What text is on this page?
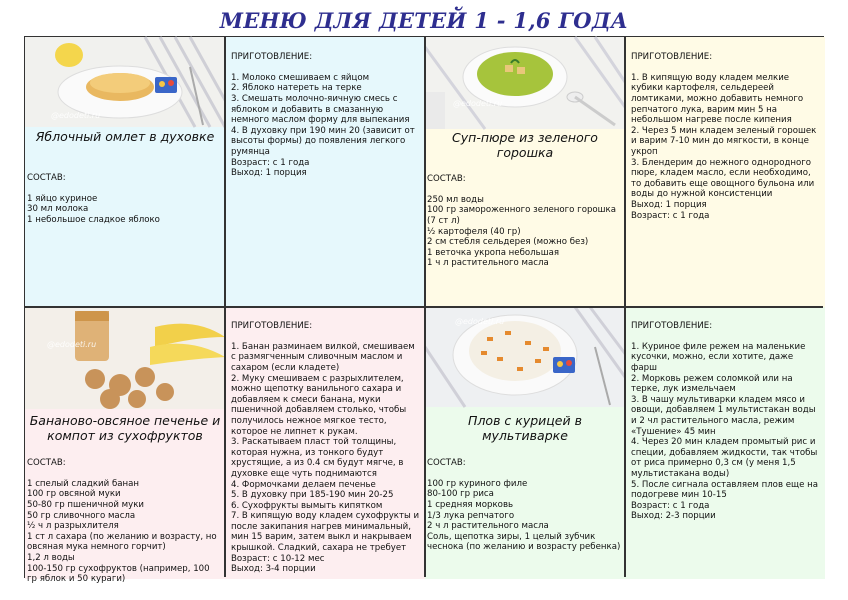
МЕНЮ ДЛЯ ДЕТЕЙ 1 - 1,6 ГОДА
@edodeti.ru
Яблочный омлет в духовке

СОСТАВ:

1 яйцо куриное
30 мл молока
1 небольшое сладкое яблоко

ПРИГОТОВЛЕНИЕ:

1. Молоко смешиваем с яйцом
2. Яблоко натереть на терке
3. Смешать молочно-яичную смесь с яблоком и добавить в смазанную немного маслом форму для выпекания
4. В духовку при 190 мин 20 (зависит от высоты формы) до появления легкого румянца
Возраст: с 1 года
Выход: 1 порция

@edodeti.ru
Суп-пюре из зеленого горошка

СОСТАВ:

250 мл воды
100 гр замороженного зеленого горошка (7 ст л)
½ картофеля (40 гр)
2 см стебля сельдерея (можно без)
1 веточка укропа небольшая
1 ч л растительного масла

ПРИГОТОВЛЕНИЕ:

1. В кипящую воду кладем мелкие кубики картофеля, сельдереей ломтиками, можно добавить немного репчатого лука, варим мин 5 на небольшом нагреве после кипения
2. Через 5 мин кладем зеленый горошек и варим 7-10 мин до мягкости, в конце укроп
3. Блендерим до нежного однородного пюре, кладем масло, если необходимо, то добавить еще овощного бульона или воды до нужной консистенции
Выход: 1 порция
Возраст: с 1 года

@edodeti.ru
Бананово-овсяное печенье и компот из сухофруктов

СОСТАВ:

1 спелый сладкий банан
100 гр овсяной муки
50-80 гр пшеничной муки
50 гр сливочного масла
½ ч л разрыхлителя
1 ст л сахара (по желанию и возрасту, но овсяная мука немного горчит)
1,2 л воды
100-150 гр сухофруктов (например, 100 гр яблок и 50 кураги)

ПРИГОТОВЛЕНИЕ:

1. Банан разминаем вилкой, смешиваем с размягченным сливочным маслом и сахаром (если кладете)
2. Муку смешиваем с разрыхлителем, можно щепотку ванильного сахара и добавляем к смеси банана, муки пшеничной добавляем столько, чтобы получилось нежное мягкое тесто, которое не липнет к рукам.
3. Раскатываем пласт той толщины, которая нужна, из тонкого будут хрустящие, а из 0.4 см будут мягче, в духовке еще чуть поднимаются
4. Формочками делаем печенье
5. В духовку при 185-190 мин 20-25
6. Сухофрукты вымыть кипятком
7. В кипящую воду кладем сухофрукты и после закипания нагрев минимальный, мин 15 варим, затем выкл и накрываем крышкой. Сладкий, сахара не требует
Возраст: с 10-12 мес
Выход: 3-4 порции

@edodeti.ru
Плов с курицей в мультиварке

СОСТАВ:

100 гр куриного филе
80-100 гр риса
1 средняя морковь
1/3 лука репчатого
2 ч л растительного масла
Соль, щепотка зиры, 1 целый зубчик чеснока (по желанию и возрасту ребенка)

ПРИГОТОВЛЕНИЕ:

1. Куриное филе режем на маленькие кусочки, можно, если хотите, даже фарш
2. Морковь режем соломкой или на терке, лук измельчаем
3. В чашу мультиварки кладем мясо и овощи, добавляем 1 мультистакан воды и 2 чл растительного масла, режим «Тушение» 45 мин
4. Через 20 мин кладем промытый рис и специи, добавляем жидкости, так чтобы от риса примерно 0,3 см (у меня 1,5 мультистакана воды)
5. После сигнала оставляем плов еще на подогреве мин 10-15
Возраст: с 1 года
Выход: 2-3 порции
